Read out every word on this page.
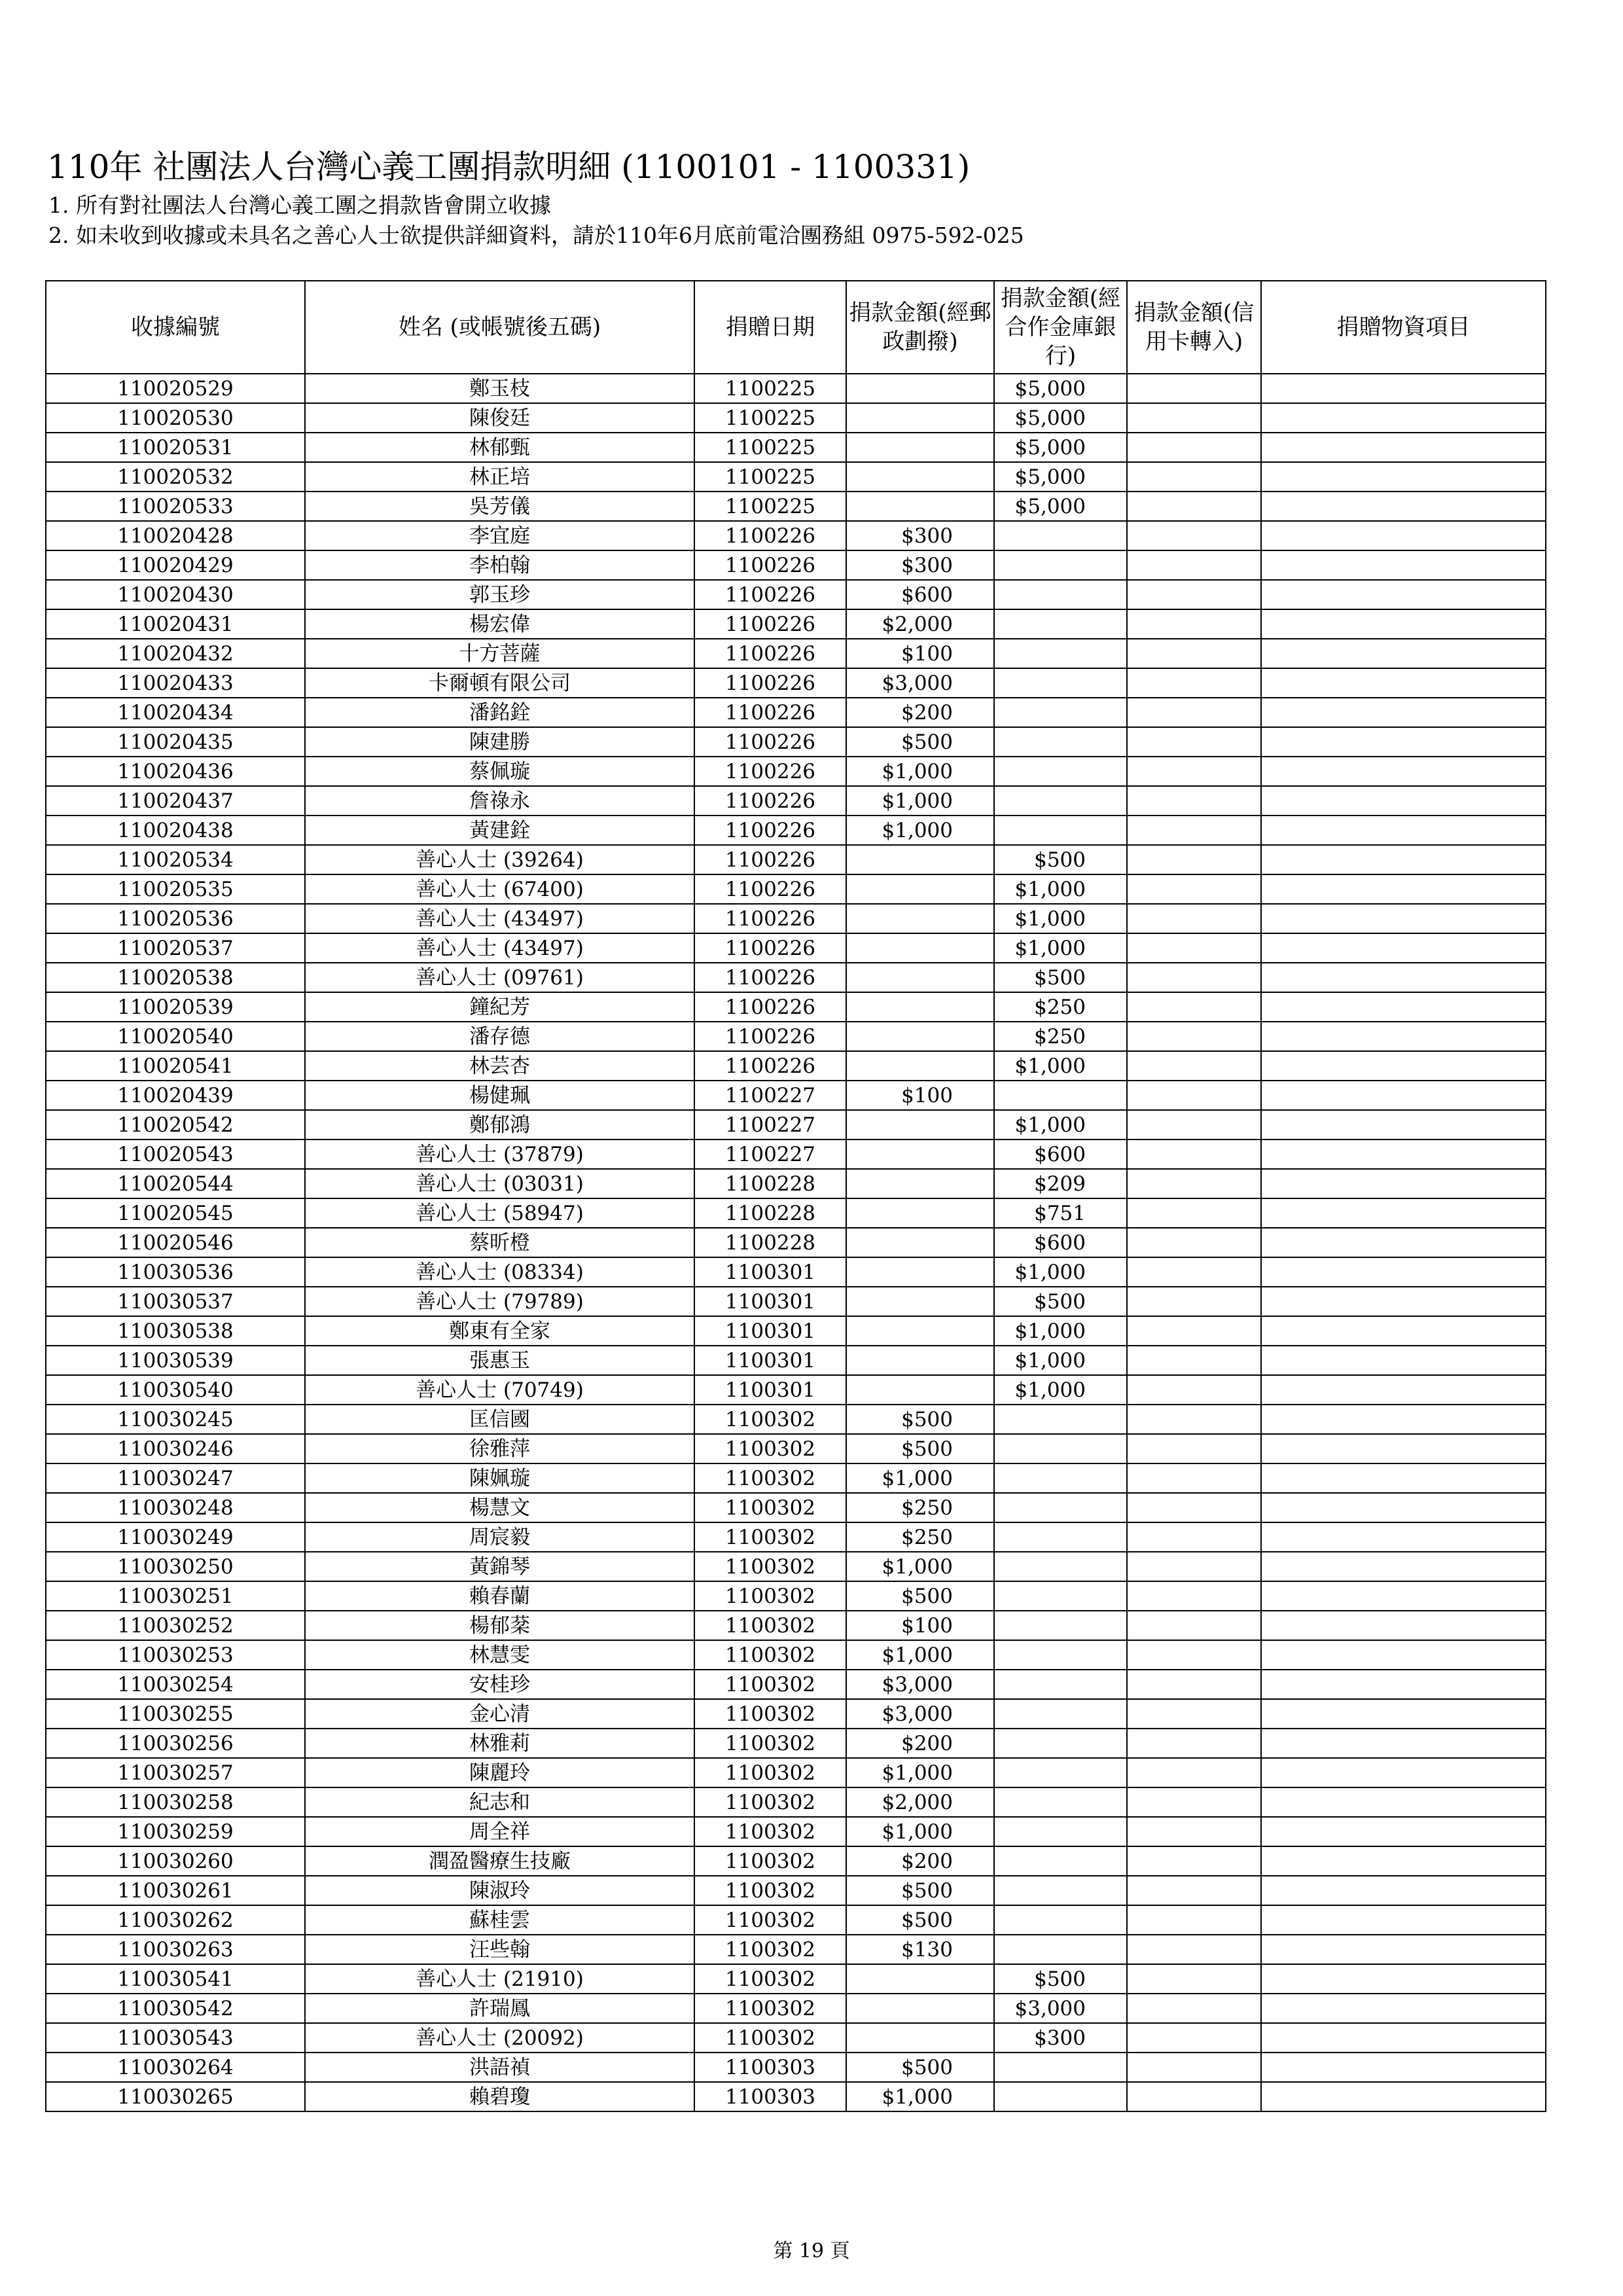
110年 社團法人台灣心義工團捐款明細 (1100101 - 1100331)
1. 所有對社團法人台灣心義工團之捐款皆會開立收據
2. 如未收到收據或未具名之善心人士欲提供詳細資料，請於110年6月底前電洽團務組 0975-592-025
收據編號	姓名 (或帳號後五碼)	捐贈日期	捐款金額(經郵政劃撥)	捐款金額(經合作金庫銀行)	捐款金額(信用卡轉入)	捐贈物資項目
110020529	鄭玉枝	1100225		$5,000		
110020530	陳俊廷	1100225		$5,000		
110020531	林郁甄	1100225		$5,000		
110020532	林正培	1100225		$5,000		
110020533	吳芳儀	1100225		$5,000		
110020428	李宜庭	1100226	$300			
110020429	李柏翰	1100226	$300			
110020430	郭玉珍	1100226	$600			
110020431	楊宏偉	1100226	$2,000			
110020432	十方菩薩	1100226	$100			
110020433	卡爾頓有限公司	1100226	$3,000			
110020434	潘銘銓	1100226	$200			
110020435	陳建勝	1100226	$500			
110020436	蔡佩璇	1100226	$1,000			
110020437	詹祿永	1100226	$1,000			
110020438	黃建銓	1100226	$1,000			
110020534	善心人士 (39264)	1100226		$500		
110020535	善心人士 (67400)	1100226		$1,000		
110020536	善心人士 (43497)	1100226		$1,000		
110020537	善心人士 (43497)	1100226		$1,000		
110020538	善心人士 (09761)	1100226		$500		
110020539	鐘紀芳	1100226		$250		
110020540	潘存德	1100226		$250		
110020541	林芸杏	1100226		$1,000		
110020439	楊健珮	1100227	$100			
110020542	鄭郁鴻	1100227		$1,000		
110020543	善心人士 (37879)	1100227		$600		
110020544	善心人士 (03031)	1100228		$209		
110020545	善心人士 (58947)	1100228		$751		
110020546	蔡昕橙	1100228		$600		
110030536	善心人士 (08334)	1100301		$1,000		
110030537	善心人士 (79789)	1100301		$500		
110030538	鄭東有全家	1100301		$1,000		
110030539	張惠玉	1100301		$1,000		
110030540	善心人士 (70749)	1100301		$1,000		
110030245	匡信國	1100302	$500			
110030246	徐雅萍	1100302	$500			
110030247	陳姵璇	1100302	$1,000			
110030248	楊慧文	1100302	$250			
110030249	周宸毅	1100302	$250			
110030250	黃錦琴	1100302	$1,000			
110030251	賴春蘭	1100302	$500			
110030252	楊郁棻	1100302	$100			
110030253	林慧雯	1100302	$1,000			
110030254	安桂珍	1100302	$3,000			
110030255	金心清	1100302	$3,000			
110030256	林雅莉	1100302	$200			
110030257	陳麗玲	1100302	$1,000			
110030258	紀志和	1100302	$2,000			
110030259	周全祥	1100302	$1,000			
110030260	潤盈醫療生技廠	1100302	$200			
110030261	陳淑玲	1100302	$500			
110030262	蘇桂雲	1100302	$500			
110030263	汪些翰	1100302	$130			
110030541	善心人士 (21910)	1100302		$500		
110030542	許瑞鳳	1100302		$3,000		
110030543	善心人士 (20092)	1100302		$300		
110030264	洪語禎	1100303	$500			
110030265	賴碧瓊	1100303	$1,000			
第 19 頁
